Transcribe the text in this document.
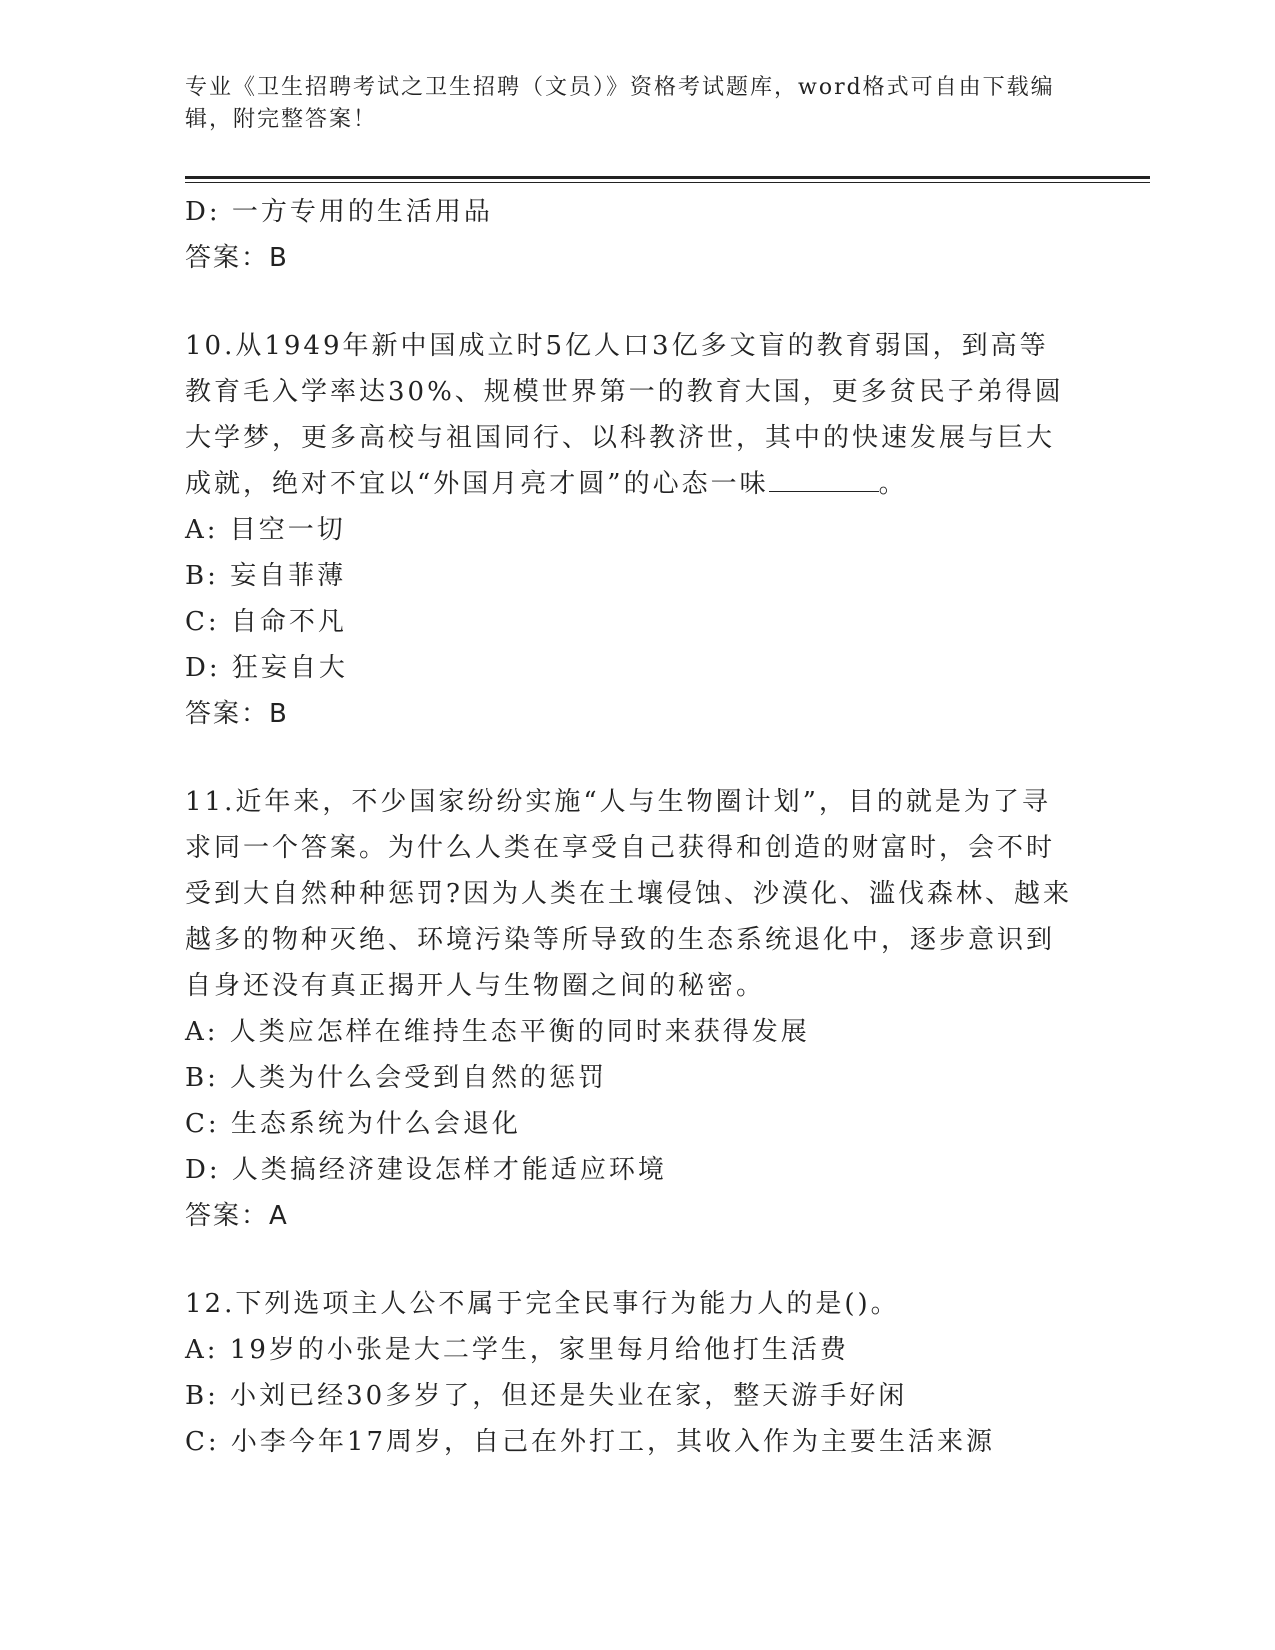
专业《卫生招聘考试之卫生招聘（文员）》资格考试题库，word格式可自由下载编辑，附完整答案！
D: 一方专用的生活用品
答案：B
10.从1949年新中国成立时5亿人口3亿多文盲的教育弱国，到高等教育毛入学率达30%、规模世界第一的教育大国，更多贫民子弟得圆大学梦，更多高校与祖国同行、以科教济世，其中的快速发展与巨大成就，绝对不宜以“外国月亮才圆”的心态一味	。
A: 目空一切
B: 妄自菲薄
C: 自命不凡
D: 狂妄自大
答案：B
11.近年来，不少国家纷纷实施“人与生物圈计划”，目的就是为了寻求同一个答案。为什么人类在享受自己获得和创造的财富时，会不时受到大自然种种惩罚?因为人类在土壤侵蚀、沙漠化、滥伐森林、越来越多的物种灭绝、环境污染等所导致的生态系统退化中，逐步意识到自身还没有真正揭开人与生物圈之间的秘密。
A: 人类应怎样在维持生态平衡的同时来获得发展
B: 人类为什么会受到自然的惩罚
C: 生态系统为什么会退化
D: 人类搞经济建设怎样才能适应环境
答案：A
12.下列选项主人公不属于完全民事行为能力人的是()。
A: 19岁的小张是大二学生，家里每月给他打生活费
B: 小刘已经30多岁了，但还是失业在家，整天游手好闲
C: 小李今年17周岁，自己在外打工，其收入作为主要生活来源
